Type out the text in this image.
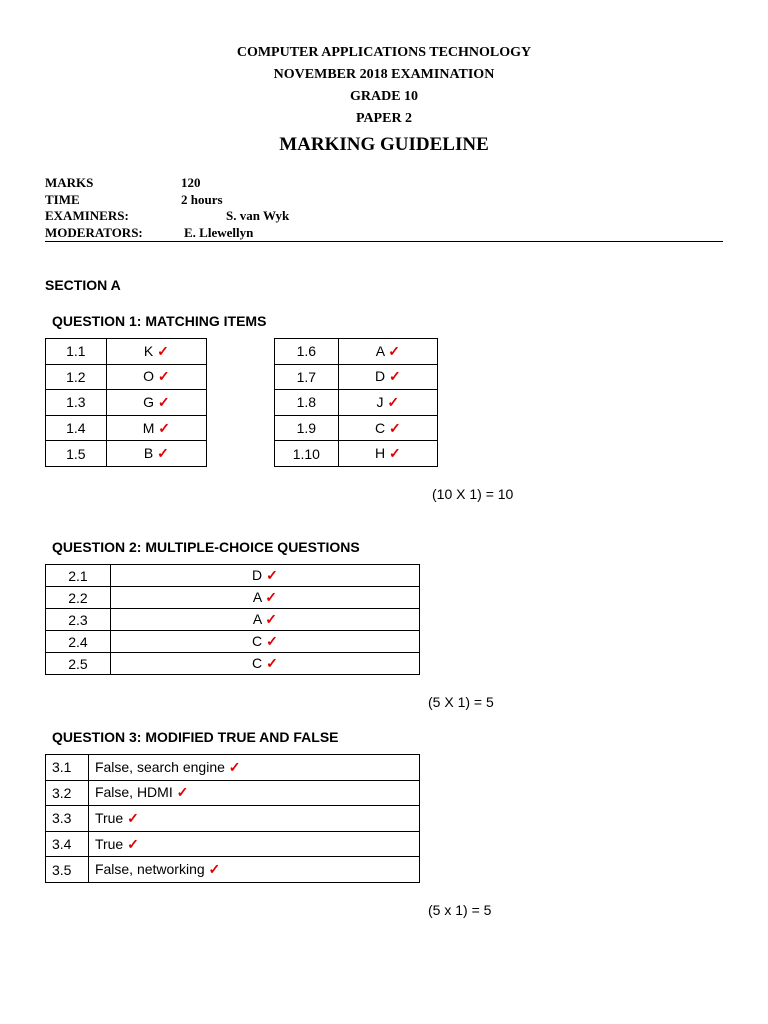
COMPUTER APPLICATIONS TECHNOLOGY
NOVEMBER 2018 EXAMINATION
GRADE 10
PAPER 2
MARKING GUIDELINE
MARKS	120
TIME	2 hours
EXAMINERS:	S. van Wyk
MODERATORS:	E. Llewellyn
SECTION A
QUESTION 1: MATCHING ITEMS
1.1	K ✓
1.2	O ✓
1.3	G ✓
1.4	M ✓
1.5	B ✓
1.6	A ✓
1.7	D ✓
1.8	J ✓
1.9	C ✓
1.10	H ✓
(10 X 1) = 10
QUESTION 2: MULTIPLE-CHOICE QUESTIONS
2.1	D ✓
2.2	A ✓
2.3	A ✓
2.4	C ✓
2.5	C ✓
(5 X 1) = 5
QUESTION 3: MODIFIED TRUE AND FALSE
3.1	False, search engine ✓
3.2	False, HDMI ✓
3.3	True ✓
3.4	True ✓
3.5	False, networking ✓
(5 x 1) = 5
